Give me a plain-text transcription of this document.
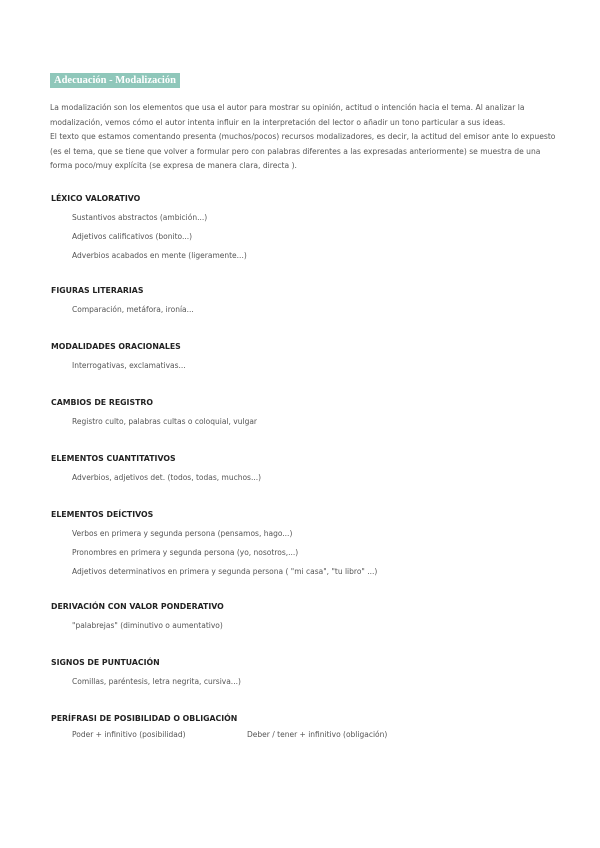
Adecuación - Modalización

La modalización son los elementos que usa el autor para mostrar su opinión, actitud o intención hacia el tema. Al analizar la modalización, vemos cómo el autor intenta influir en la interpretación del lector o añadir un tono particular a sus ideas.

El texto que estamos comentando presenta (muchos/pocos) recursos modalizadores, es decir, la actitud del emisor ante lo expuesto (es el tema, que se tiene que volver a formular pero con palabras diferentes a las expresadas anteriormente) se muestra de una forma poco/muy explícita (se expresa de manera clara, directa ).

LÉXICO VALORATIVO
Sustantivos abstractos (ambición...)
Adjetivos calificativos (bonito...)
Adverbios acabados en mente (ligeramente...)
FIGURAS LITERARIAS
Comparación, metáfora, ironía...
MODALIDADES ORACIONALES
Interrogativas, exclamativas...
CAMBIOS DE REGISTRO
Registro culto, palabras cultas o coloquial, vulgar
ELEMENTOS CUANTITATIVOS
Adverbios, adjetivos det. (todos, todas, muchos...)
ELEMENTOS DEÍCTIVOS
Verbos en primera y segunda persona (pensamos, hago...)
Pronombres en primera y segunda persona (yo, nosotros,...)
Adjetivos determinativos en primera y segunda persona ( "mi casa", "tu libro" ...)
DERIVACIÓN CON VALOR PONDERATIVO
"palabrejas" (diminutivo o aumentativo)
SIGNOS DE PUNTUACIÓN
Comillas, paréntesis, letra negrita, cursiva...)
PERÍFRASI DE POSIBILIDAD O OBLIGACIÓN
Poder + infinitivo (posibilidad)	Deber / tener + infinitivo (obligación)
